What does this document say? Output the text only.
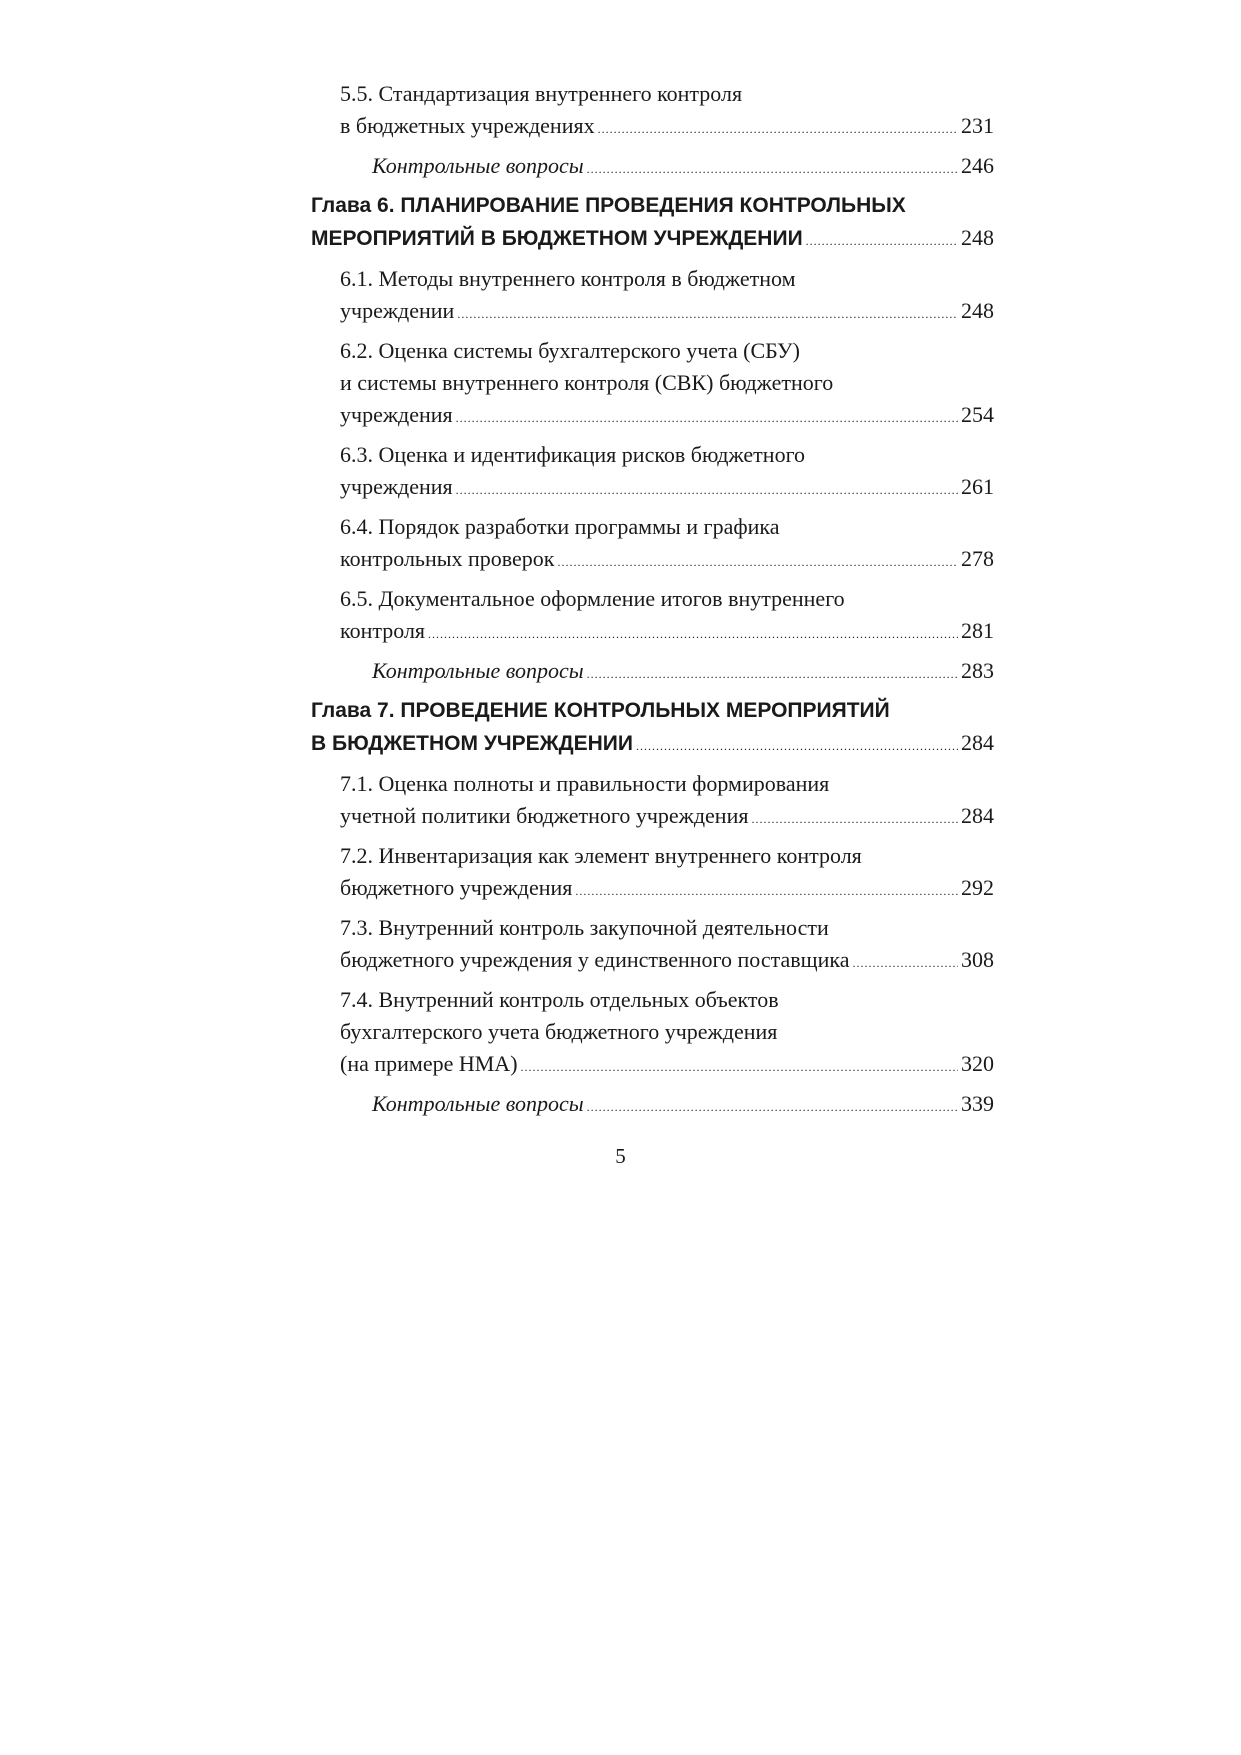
5.5. Стандартизация внутреннего контроля
в бюджетных учреждениях .....	231
Контрольные вопросы .....	246
Глава 6. ПЛАНИРОВАНИЕ ПРОВЕДЕНИЯ КОНТРОЛЬНЫХ
МЕРОПРИЯТИЙ В БЮДЖЕТНОМ УЧРЕЖДЕНИИ .....	248
6.1. Методы внутреннего контроля в бюджетном
учреждении .....	248
6.2. Оценка системы бухгалтерского учета (СБУ)
и системы внутреннего контроля (СВК) бюджетного
учреждения .....	254
6.3. Оценка и идентификация рисков бюджетного
учреждения .....	261
6.4. Порядок разработки программы и графика
контрольных проверок .....	278
6.5. Документальное оформление итогов внутреннего
контроля .....	281
Контрольные вопросы .....	283
Глава 7. ПРОВЕДЕНИЕ КОНТРОЛЬНЫХ МЕРОПРИЯТИЙ
В БЮДЖЕТНОМ УЧРЕЖДЕНИИ .....	284
7.1. Оценка полноты и правильности формирования
учетной политики бюджетного учреждения .....	284
7.2. Инвентаризация как элемент внутреннего контроля
бюджетного учреждения .....	292
7.3. Внутренний контроль закупочной деятельности
бюджетного учреждения у единственного поставщика .....	308
7.4. Внутренний контроль отдельных объектов
бухгалтерского учета бюджетного учреждения
(на примере НМА) .....	320
Контрольные вопросы .....	339
5
